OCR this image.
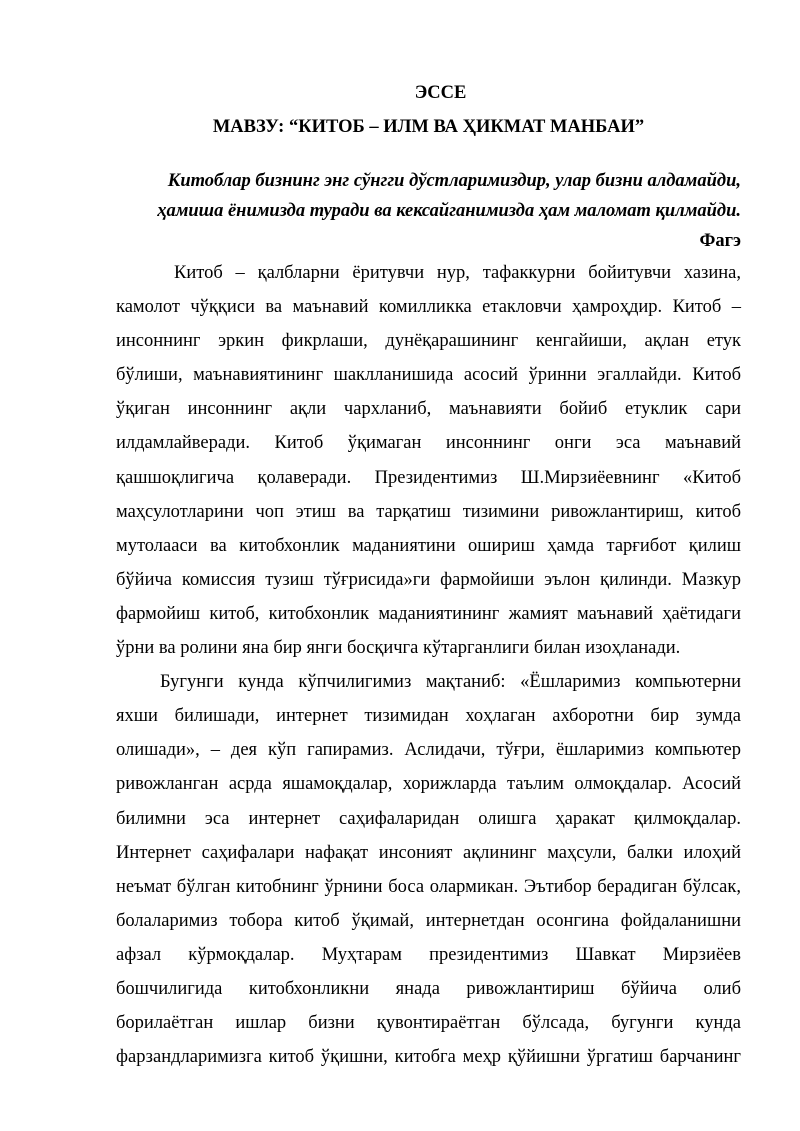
ЭССЕ

МАВЗУ: “КИТОБ – ИЛМ ВА ҲИКМАТ МАНБАИ”

Китоблар бизнинг энг сўнгги дўстларимиздир, улар бизни алдамайди,

ҳамиша ёнимизда туради ва кексайганимизда ҳам маломат қилмайди.

Фагэ

Китоб – қалбларни ёритувчи нур, тафаккурни бойитувчи хазина,
камолот чўққиси ва маънавий комилликка етакловчи ҳамроҳдир. Китоб –
инсоннинг эркин фикрлаши, дунёқарашининг кенгайиши, ақлан етук
бўлиши, маънавиятининг шаклланишида асосий ўринни эгаллайди. Китоб
ўқиган инсоннинг ақли чархланиб, маънавияти бойиб етуклик сари
илдамлайверади. Китоб ўқимаган инсоннинг онги эса маънавий
қашшоқлигича қолаверади. Президентимиз Ш.Мирзиёевнинг «Китоб
маҳсулотларини чоп этиш ва тарқатиш тизимини ривожлантириш, китоб
мутолааси ва китобхонлик маданиятини ошириш ҳамда тарғибот қилиш
бўйича комиссия тузиш тўғрисида»ги фармойиши эълон қилинди. Мазкур
фармойиш китоб, китобхонлик маданиятининг жамият маънавий ҳаётидаги
ўрни ва ролини яна бир янги босқичга кўтарганлиги билан изоҳланади.
Бугунги кунда кўпчилигимиз мақтаниб: «Ёшларимиз компьютерни
яхши билишади, интернет тизимидан хоҳлаган ахборотни бир зумда
олишади», – дея кўп гапирамиз. Аслидачи, тўғри, ёшларимиз компьютер
ривожланган асрда яшамоқдалар, хорижларда таълим олмоқдалар. Асосий
билимни эса интернет саҳифаларидан олишга ҳаракат қилмоқдалар.
Интернет саҳифалари нафақат инсоният ақлининг маҳсули, балки илоҳий
неъмат бўлган китобнинг ўрнини боса олармикан. Эътибор берадиган бўлсак,
болаларимиз тобора китоб ўқимай, интернетдан осонгина фойдаланишни
афзал кўрмоқдалар. Муҳтарам президентимиз Шавкат Мирзиёев
бошчилигида китобхонликни янада ривожлантириш бўйича олиб
борилаётган ишлар бизни қувонтираётган бўлсада, бугунги кунда
фарзандларимизга китоб ўқишни, китобга меҳр қўйишни ўргатиш барчанинг
